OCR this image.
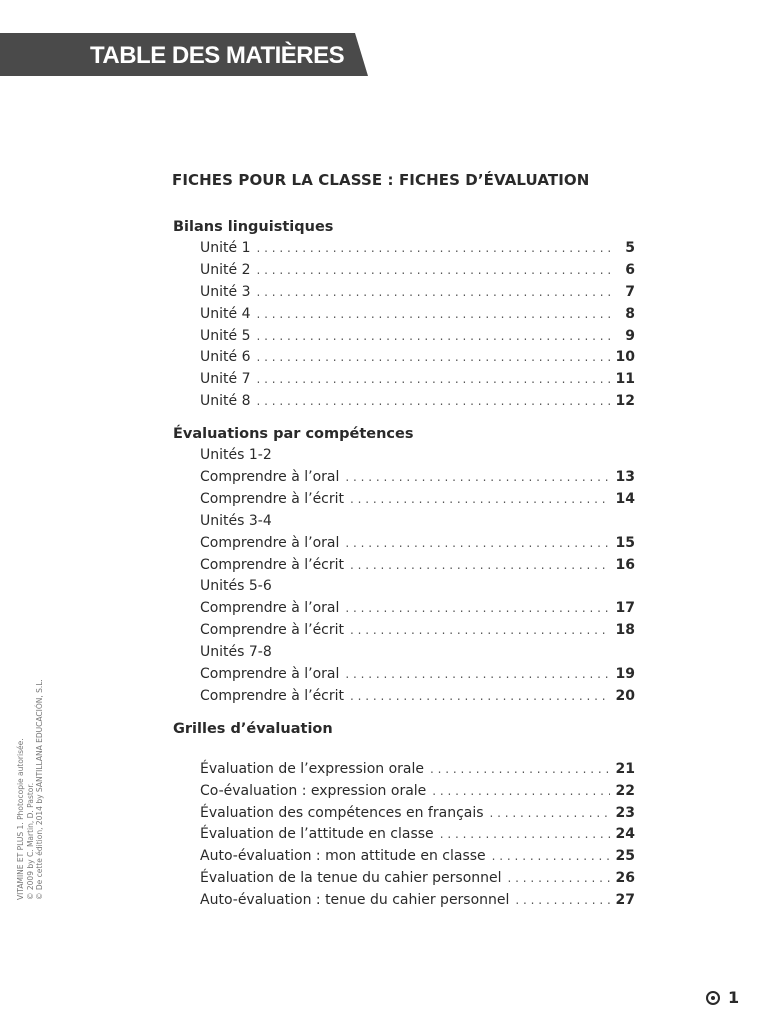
TABLE DES MATIÈRES
FICHES POUR LA CLASSE : FICHES D’ÉVALUATION
Bilans linguistiques
Unité 1 . . .	5
Unité 2 . . .	6
Unité 3 . . .	7
Unité 4 . . .	8
Unité 5 . . .	9
Unité 6 . . .	10
Unité 7 . . .	11
Unité 8 . . .	12
Évaluations par compétences
Unités 1-2
Comprendre à l’oral . . .	13
Comprendre à l’écrit . . .	14
Unités 3-4
Comprendre à l’oral . . .	15
Comprendre à l’écrit . . .	16
Unités 5-6
Comprendre à l’oral . . .	17
Comprendre à l’écrit . . .	18
Unités 7-8
Comprendre à l’oral . . .	19
Comprendre à l’écrit . . .	20
Grilles d’évaluation
Évaluation de l’expression orale . . .	21
Co-évaluation : expression orale . . .	22
Évaluation des compétences en français . . .	23
Évaluation de l’attitude en classe . . .	24
Auto-évaluation : mon attitude en classe . . .	25
Évaluation de la tenue du cahier personnel . . .	26
Auto-évaluation : tenue du cahier personnel . . .	27
VITAMINE ET PLUS 1. Photocopie autorisée. © 2009 by C. Martin, D. Pastor. © De cette édition, 2014 by SANTILLANA EDUCACIÓN, S.L.
1
